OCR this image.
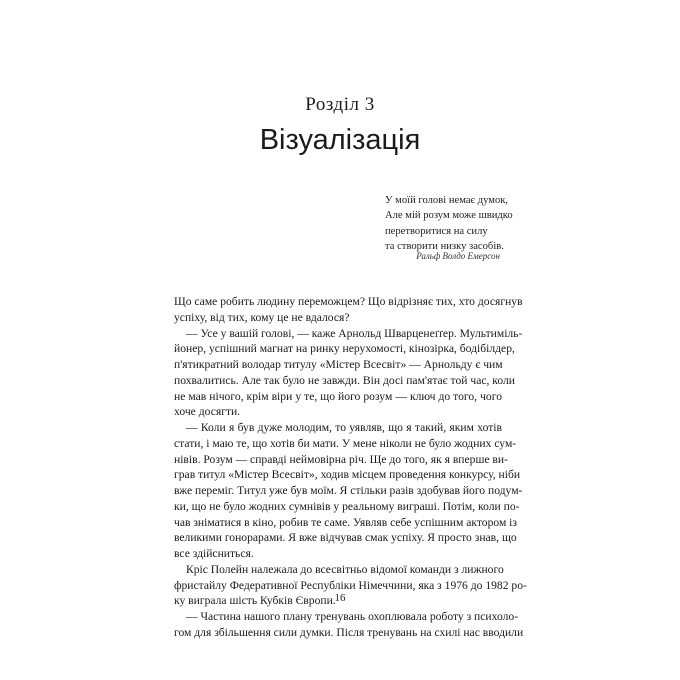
Розділ 3
Візуалізація
У моїй голові немає думок,
Але мій розум може швидко
перетворитися на силу
та створити низку засобів.
Ральф Волдо Емерсон
Що саме робить людину переможцем? Що відрізняє тих, хто досягнув
успіху, від тих, кому це не вдалося?
— Усе у вашій голові, — каже Арнольд Шварценеґґер. Мультиміль-
йонер, успішний магнат на ринку нерухомості, кінозірка, бодібілдер,
п'ятикратний володар титулу «Містер Всесвіт» — Арнольду є чим
похвалитись. Але так було не завжди. Він досі пам'ятає той час, коли
не мав нічого, крім віри у те, що його розум — ключ до того, чого
хоче досягти.
— Коли я був дуже молодим, то уявляв, що я такий, яким хотів
стати, і маю те, що хотів би мати. У мене ніколи не було жодних сум-
нівів. Розум — справді неймовірна річ. Ще до того, як я вперше ви-
грав титул «Містер Всесвіт», ходив місцем проведення конкурсу, ніби
вже переміг. Титул уже був моїм. Я стільки разів здобував його подум-
ки, що не було жодних сумнівів у реальному виграші. Потім, коли по-
чав зніматися в кіно, робив те саме. Уявляв себе успішним актором із
великими гонорарами. Я вже відчував смак успіху. Я просто знав, що
все здійсниться.
Кріс Полейн належала до всесвітньо відомої команди з лижного
фристайлу Федеративної Республіки Німеччини, яка з 1976 до 1982 ро-
ку виграла шість Кубків Європи.
— Частина нашого плану тренувань охоплювала роботу з психоло-
гом для збільшення сили думки. Після тренувань на схилі нас вводили
16
